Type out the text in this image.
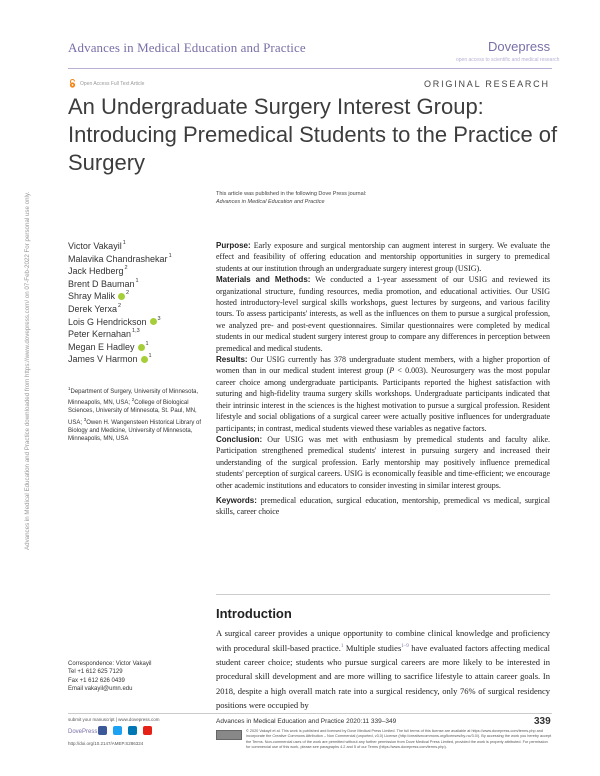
Advances in Medical Education and Practice	Dovepress
open access to scientific and medical research
Open Access Full Text Article	ORIGINAL RESEARCH
An Undergraduate Surgery Interest Group: Introducing Premedical Students to the Practice of Surgery
Advances in Medical Education and Practice downloaded from https://www.dovepress.com/ on 07-Feb-2022 For personal use only.	This article was published in the following Dove Press journal:
Advances in Medical Education and Practice
Victor Vakayil$^1$
Malavika Chandrashekar$^1$
Jack Hedberg$^2$
Brent D Bauman$^1$
Shray Malik $^2$
Derek Yerxa$^2$
Lois G Hendrickson $^3$
Peter Kernahan$^{1,3}$
Megan E Hadley $^1$
James V Harmon $^1$
$^1$Department of Surgery, University of Minnesota, Minneapolis, MN, USA; $^2$College of Biological Sciences, University of Minnesota, St. Paul, MN, USA; $^3$Owen H. Wangensteen Historical Library of Biology and Medicine, University of Minnesota, Minneapolis, MN, USA
Correspondence: Victor Vakayil
Tel +1 612 625 7129
Fax +1 612 626 0439
Email vakayil@umn.edu
submit your manuscript | www.dovepress.com
DovePress
http://doi.org/10.2147/AMEP.S286324

Purpose: Early exposure and surgical mentorship can augment interest in surgery. We evaluate the effect and feasibility of offering education and mentorship opportunities in surgery to premedical students at our institution through an undergraduate surgery interest group (USIG).

Materials and Methods: We conducted a 1-year assessment of our USIG and reviewed its organizational structure, funding resources, media promotion, and educational activities. Our USIG hosted introductory-level surgical skills workshops, guest lectures by surgeons, and various facility tours. To assess participants' interests, as well as the influences on them to pursue a surgical profession, we analyzed pre- and post-event questionnaires. Similar questionnaires were completed by medical students in our medical student surgery interest group to compare any differences in perception between premedical and medical students.

Results: Our USIG currently has 378 undergraduate student members, with a higher proportion of women than in our medical student interest group (P < 0.003). Neurosurgery was the most popular career choice among undergraduate participants. Participants reported the highest satisfaction with suturing and high-fidelity trauma surgery skills workshops. Undergraduate participants indicated that their intrinsic interest in the sciences is the highest motivation to pursue a surgical profession. Resident lifestyle and social obligations of a surgical career were actually positive influences for undergraduate participants; in contrast, medical students viewed these variables as negative factors.

Conclusion: Our USIG was met with enthusiasm by premedical students and faculty alike. Participation strengthened premedical students' interest in pursuing surgery and increased their understanding of the surgical profession. Early mentorship may positively influence premedical students' perception of surgical careers. USIG is economically feasible and time-efficient; we encourage other academic institutions and educators to consider investing in similar interest groups.

Keywords: premedical education, surgical education, mentorship, premedical vs medical, surgical skills, career choice

Introduction
A surgical career provides a unique opportunity to combine clinical knowledge and proficiency with procedural skill-based practice.$^1$ Multiple studies$^{1-9}$ have evaluated factors affecting medical student career choice; students who pursue surgical careers are more likely to be interested in procedural skill development and are more willing to sacrifice lifestyle to attain career goals. In 2018, despite a high overall match rate into a surgical residency, only 76% of surgical residency positions were occupied by
Advances in Medical Education and Practice 2020:11 339–349	339
© 2020 Vakayil et al. This work is published and licensed by Dove Medical Press Limited. The full terms of this license are available at https://www.dovepress.com/terms.php and incorporate the Creative Commons Attribution – Non Commercial (unported, v3.0) License (http://creativecommons.org/licenses/by-nc/3.0/). By accessing the work you hereby accept the Terms. Non-commercial uses of the work are permitted without any further permission from Dove Medical Press Limited, provided the work is properly attributed. For permission for commercial use of this work, please see paragraphs 4.2 and 5 of our Terms (https://www.dovepress.com/terms.php).
